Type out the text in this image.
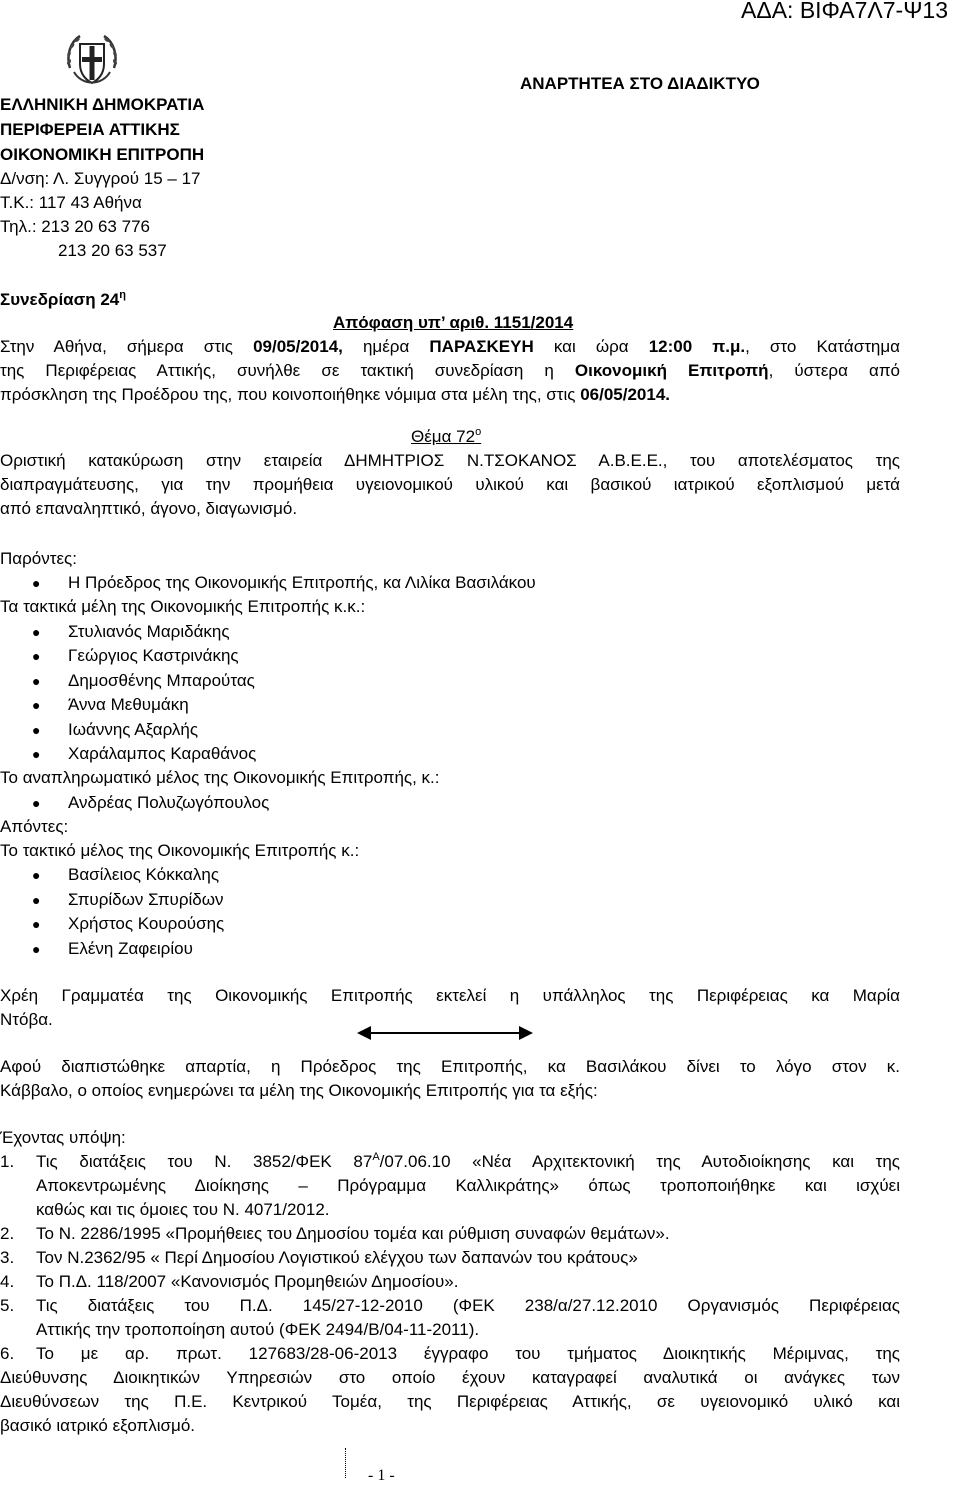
ΑΔΑ: ΒΙΦΑ7Λ7-Ψ13
ΕΛΛΗΝΙΚΗ ΔΗΜΟΚΡΑΤΙΑ
ΠΕΡΙΦΕΡΕΙΑ ΑΤΤΙΚΗΣ
ΟΙΚΟΝΟΜΙΚΗ ΕΠΙΤΡΟΠΗ
Δ/νση: Λ. Συγγρού 15 – 17
Τ.Κ.: 117 43 Αθήνα
Τηλ.: 213 20 63 776
213 20 63 537
ΑΝΑΡΤΗΤΕΑ ΣΤΟ ΔΙΑΔΙΚΤΥΟ
Συνεδρίαση $24^\eta$
Απόφαση υπ’ αριθ. 1151/2014
Στην Αθήνα, σήμερα στις 09/05/2014, ημέρα ΠΑΡΑΣΚΕΥΗ και ώρα 12:00 π.μ., στο Κατάστημα
της Περιφέρειας Αττικής, συνήλθε σε τακτική συνεδρίαση η Οικονομική Επιτροπή, ύστερα από
πρόσκληση της Προέδρου της, που κοινοποιήθηκε νόμιμα στα μέλη της, στις 06/05/2014.
Θέμα $72^o$
Οριστική κατακύρωση στην εταιρεία ΔΗΜΗΤΡΙΟΣ Ν.ΤΣΟΚΑΝΟΣ Α.Β.Ε.Ε., του αποτελέσματος της
διαπραγμάτευσης, για την προμήθεια υγειονομικού υλικού και βασικού ιατρικού εξοπλισμού μετά
από επαναληπτικό, άγονο, διαγωνισμό.
Παρόντες:
● Η Πρόεδρος της Οικονομικής Επιτροπής, κα Λιλίκα Βασιλάκου
Τα τακτικά μέλη της Οικονομικής Επιτροπής κ.κ.:
● Στυλιανός Μαριδάκης
● Γεώργιος Καστρινάκης
● Δημοσθένης Μπαρούτας
● Άννα Μεθυμάκη
● Ιωάννης Αξαρλής
● Χαράλαμπος Καραθάνος
Το αναπληρωματικό μέλος της Οικονομικής Επιτροπής, κ.:
● Ανδρέας Πολυζωγόπουλος
Απόντες:
Το τακτικό μέλος της Οικονομικής Επιτροπής κ.:
● Βασίλειος Κόκκαλης
● Σπυρίδων Σπυρίδων
● Χρήστος Κουρούσης
● Ελένη Ζαφειρίου
Χρέη Γραμματέα της Οικονομικής Επιτροπής εκτελεί η υπάλληλος της Περιφέρειας κα Μαρία
Ντόβα.
Αφού διαπιστώθηκε απαρτία, η Πρόεδρος της Επιτροπής, κα Βασιλάκου δίνει το λόγο στον κ.
Κάββαλο, ο οποίος ενημερώνει τα μέλη της Οικονομικής Επιτροπής για τα εξής:
Έχοντας υπόψη:
1. Τις διατάξεις του Ν. 3852/ΦΕΚ $87^A/07.06.10$ «Νέα Αρχιτεκτονική της Αυτοδιοίκησης και της
Αποκεντρωμένης Διοίκησης – Πρόγραμμα Καλλικράτης» όπως τροποποιήθηκε και ισχύει
καθώς και τις όμοιες του Ν. 4071/2012.
2. Το Ν. 2286/1995 «Προμήθειες του Δημοσίου τομέα και ρύθμιση συναφών θεμάτων».
3. Τον Ν.2362/95 « Περί Δημοσίου Λογιστικού ελέγχου των δαπανών του κράτους»
4. Το Π.Δ. 118/2007 «Κανονισμός Προμηθειών Δημοσίου».
5. Τις διατάξεις του Π.Δ. 145/27-12-2010 (ΦΕΚ 238/α/27.12.2010 Οργανισμός Περιφέρειας
Αττικής την τροποποίηση αυτού (ΦΕΚ 2494/Β/04-11-2011).
6. Το με αρ. πρωτ. 127683/28-06-2013 έγγραφο του τμήματος Διοικητικής Μέριμνας, της
Διεύθυνσης Διοικητικών Υπηρεσιών στο οποίο έχουν καταγραφεί αναλυτικά οι ανάγκες των
Διευθύνσεων της Π.Ε. Κεντρικού Τομέα, της Περιφέρειας Αττικής, σε υγειονομικό υλικό και
βασικό ιατρικό εξοπλισμό.
- 1 -
